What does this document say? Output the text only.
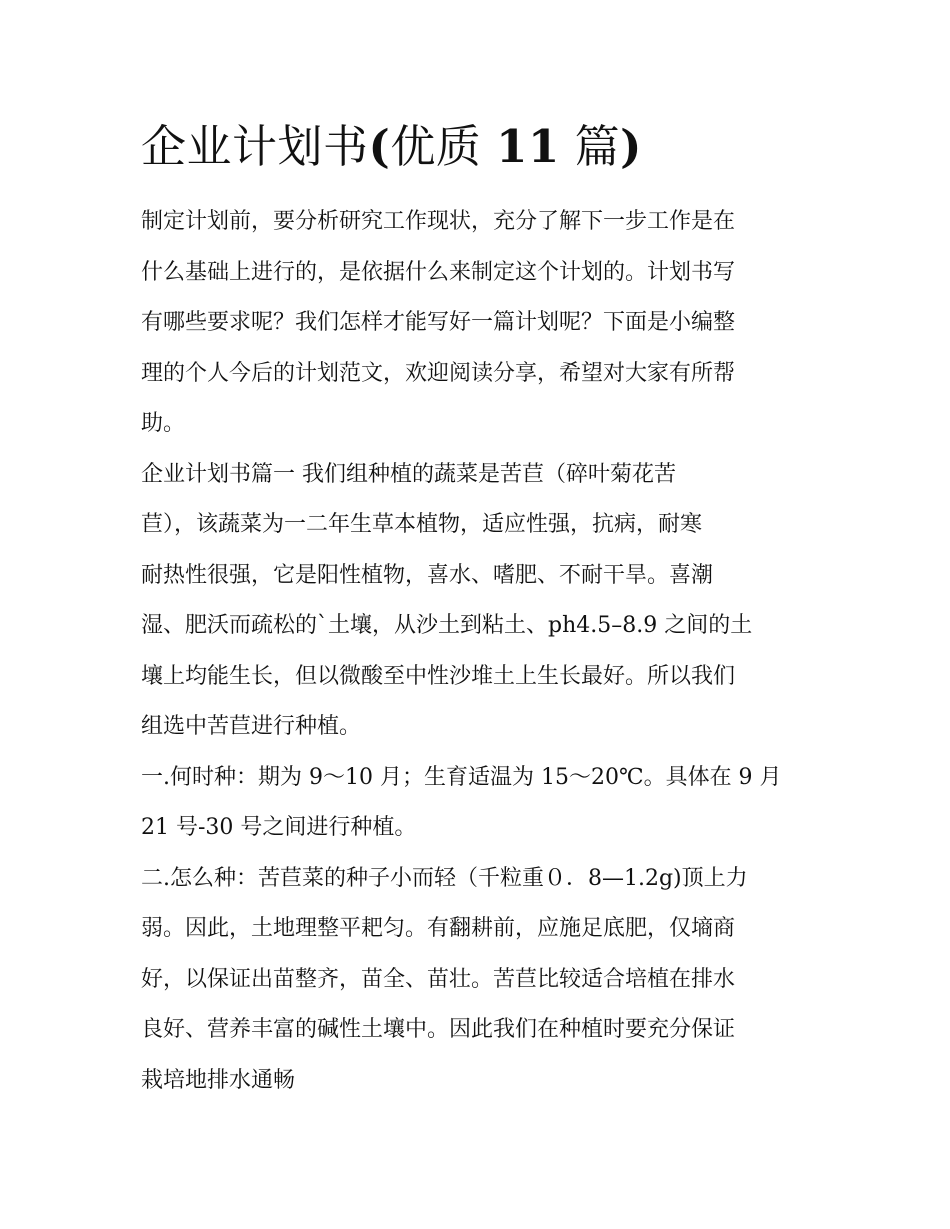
企业计划书(优质 11 篇)
制定计划前，要分析研究工作现状，充分了解下一步工作是在
什么基础上进行的，是依据什么来制定这个计划的。计划书写
有哪些要求呢？我们怎样才能写好一篇计划呢？下面是小编整
理的个人今后的计划范文，欢迎阅读分享，希望对大家有所帮
助。
企业计划书篇一 我们组种植的蔬菜是苦苣（碎叶菊花苦
苣），该蔬菜为一二年生草本植物，适应性强，抗病，耐寒
耐热性很强，它是阳性植物，喜水、嗜肥、不耐干旱。喜潮
湿、肥沃而疏松的`土壤，从沙土到粘土、ph4.5–8.9 之间的土
壤上均能生长，但以微酸至中性沙堆土上生长最好。所以我们
组选中苦苣进行种植。
一.何时种：期为 9～10 月；生育适温为 15～20℃。具体在 9 月
21 号-30 号之间进行种植。
二.怎么种：苦苣菜的种子小而轻（千粒重０．8—1.2g)顶上力
弱。因此，土地理整平耙匀。有翻耕前，应施足底肥，仅墒商
好，以保证出苗整齐，苗全、苗壮。苦苣比较适合培植在排水
良好、营养丰富的碱性土壤中。因此我们在种植时要充分保证
栽培地排水通畅
